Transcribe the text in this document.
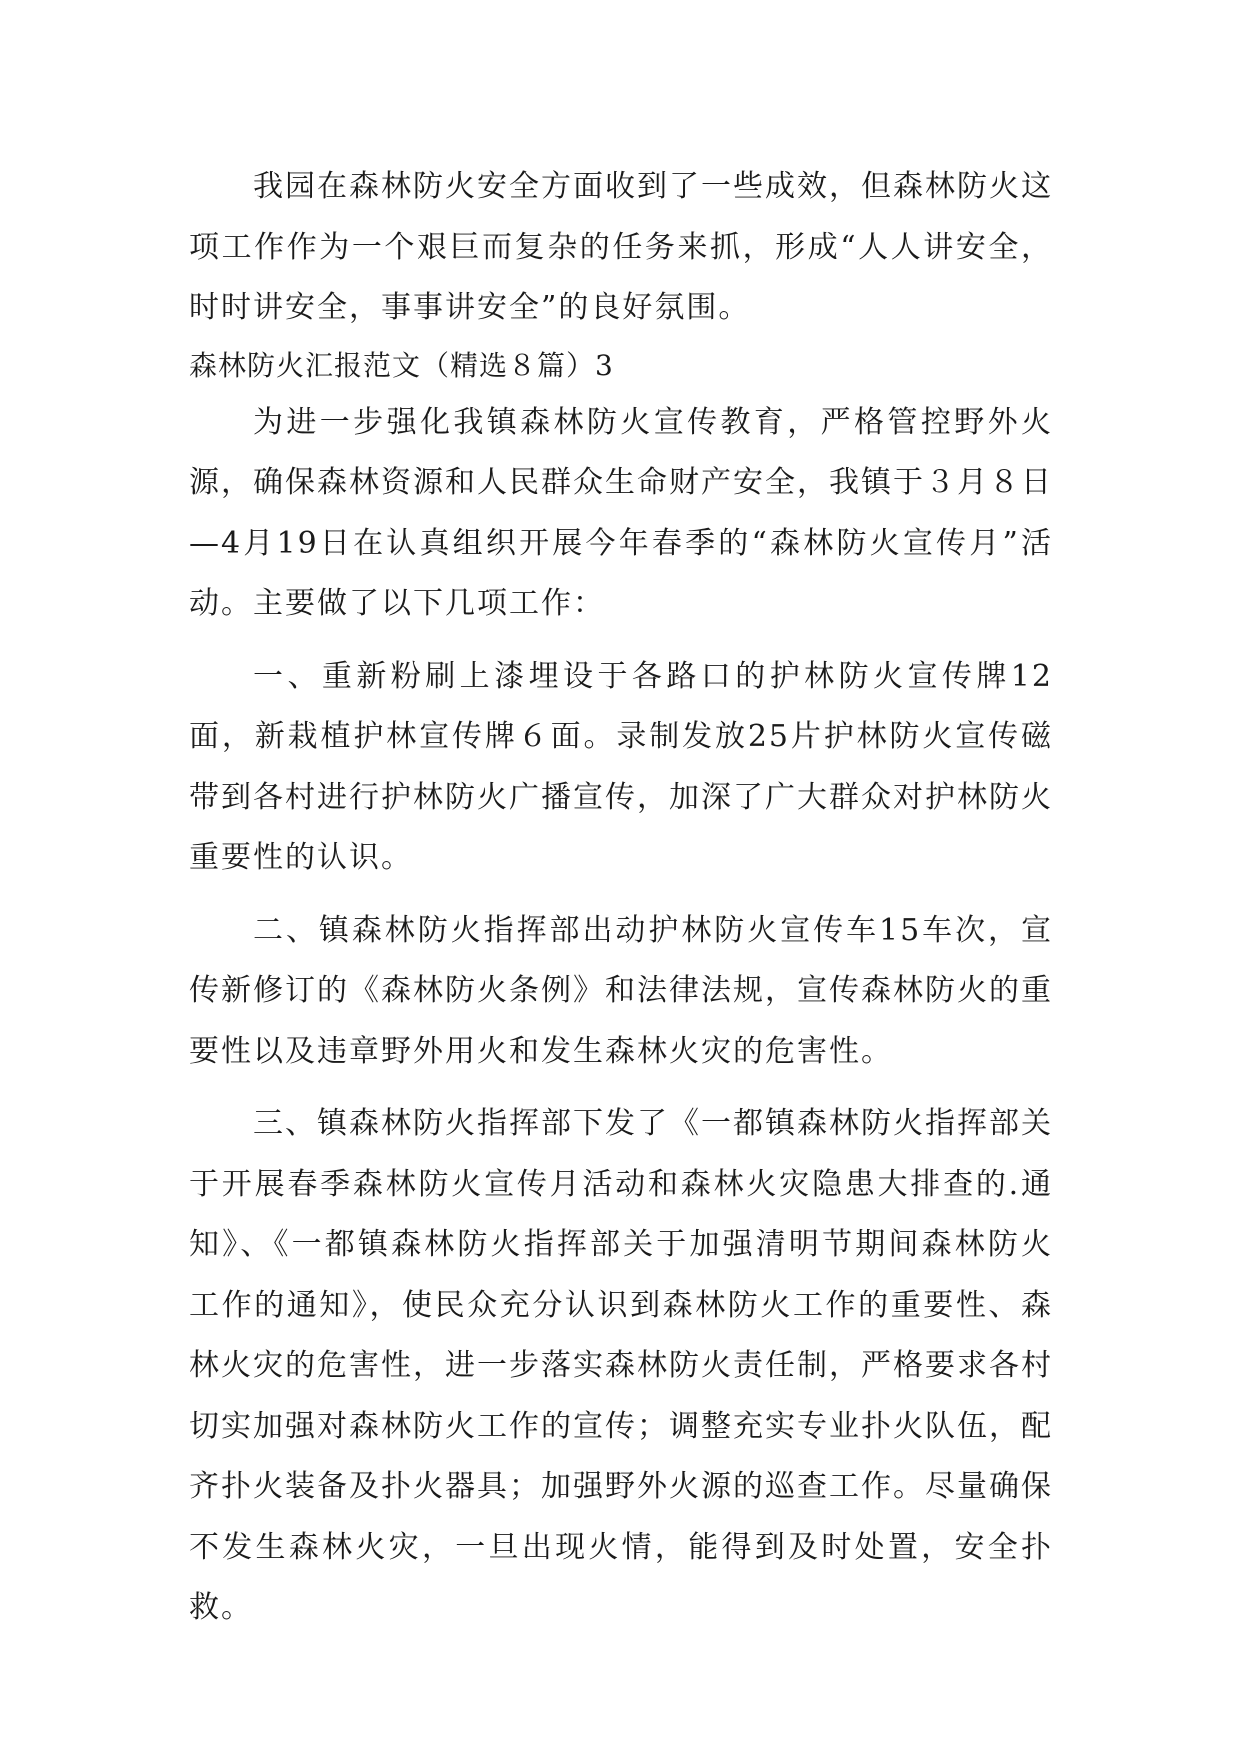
我园在森林防火安全方面收到了一些成效，但森林防火这项工作作为一个艰巨而复杂的任务来抓，形成“人人讲安全，时时讲安全，事事讲安全”的良好氛围。

森林防火汇报范文（精选８篇）3

为进一步强化我镇森林防火宣传教育，严格管控野外火源，确保森林资源和人民群众生命财产安全，我镇于３月８日—4月19日在认真组织开展今年春季的“森林防火宣传月”活动。主要做了以下几项工作：

一、重新粉刷上漆埋设于各路口的护林防火宣传牌12面，新栽植护林宣传牌６面。录制发放25片护林防火宣传磁带到各村进行护林防火广播宣传，加深了广大群众对护林防火重要性的认识。

二、镇森林防火指挥部出动护林防火宣传车15车次，宣传新修订的《森林防火条例》和法律法规，宣传森林防火的重要性以及违章野外用火和发生森林火灾的危害性。

三、镇森林防火指挥部下发了《一都镇森林防火指挥部关于开展春季森林防火宣传月活动和森林火灾隐患大排查的.通知》、《一都镇森林防火指挥部关于加强清明节期间森林防火工作的通知》，使民众充分认识到森林防火工作的重要性、森林火灾的危害性，进一步落实森林防火责任制，严格要求各村切实加强对森林防火工作的宣传；调整充实专业扑火队伍，配齐扑火装备及扑火器具；加强野外火源的巡查工作。尽量确保不发生森林火灾，一旦出现火情，能得到及时处置，安全扑救。
